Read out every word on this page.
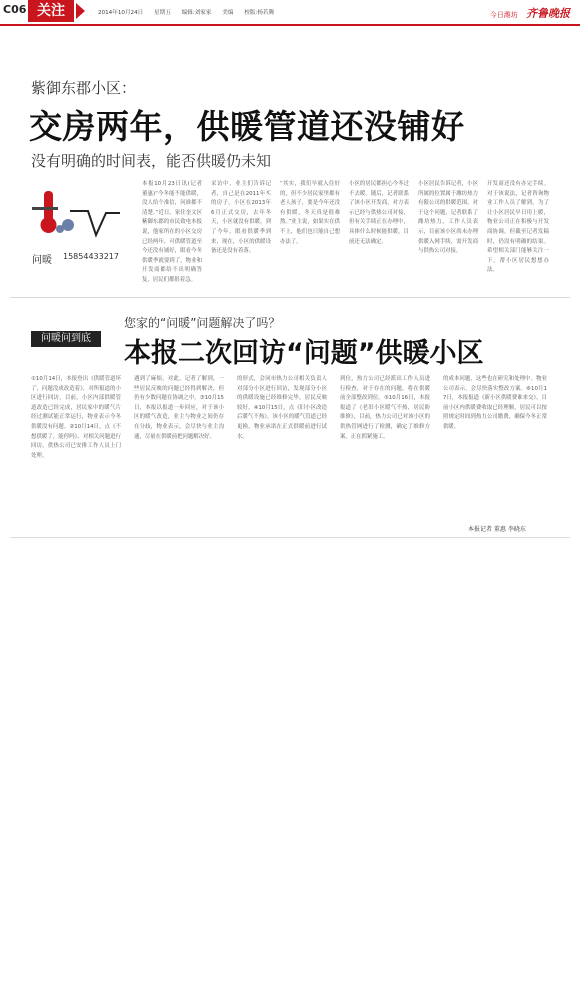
C06 关注	2014年10月24日 星期五 编辑:刘家家 美编 校版:杨若腾	今日潍坊 齐鲁晚报
紫御东郡小区：
交房两年，供暖管道还没铺好
没有明确的时间表，能否供暖仍未知
问暖 15854433217
本报10月23日讯(记者 董惠)“今冬能不能供暖，没人给个准信，问谁都不清楚。”近日，家住奎文区紫御东郡的市民致电本报说，他家所在的小区交房已经两年，可供暖管道至今还没有铺好，眼看今冬供暖季就要到了，物业和开发商都给不出明确答复，居民们都很着急。
采访中，业主们告诉记者，自己是在2011年买的房子。小区在2013年6月正式交房，去年冬天，小区就没有供暖，到了今年，眼看供暖季到来，现在，小区的供暖设备还是没有着落。
“其实，我们早就入住好的，但不少居民家里都有老人孩子，要是今年还没有供暖，冬天真是很难熬。”业主说，如果实在供不上，他们也只能自己想办法了。
小区的居民都担心今冬过不去暖。随后，记者联系了该小区开发商，对方表示已经与供热公司对接，但有关手续正在办理中，具体什么时候能供暖，目前还无法确定。
小区居民告诉记者，小区所属的位置属于潍坊热力有限公司的供暖范围，对于这个问题，记者联系了潍坊热力，工作人员表示，目前该小区尚未办理供暖入网手续，需开发商与供热公司对接。
开发商还没有办完手续。对于该说法，记者咨询物业工作人员了解到，为了让小区居民早日用上暖，物业公司正在积极与开发商协调。但截至记者发稿时，仍没有明确的结果。希望相关部门能够关注一下，帮小区居民想想办法。
您家的“问暖”问题解决了吗？
问暖问到底	本报二次回访“问题”供暖小区
①10月14日，本报登出《供暖管道坏了，问题没成改造着》，对所报道的小区进行回访，目前，小区内部供暖管道改造已经完成，居民家中的暖气片经过测试能正常运行，物业表示今冬供暖没有问题。②10月14日，点《不想供暖了，能停吗》，对相关问题进行回访，供热公司已安排工作人员上门处理。
遇到了麻烦。对此，记者了解到，一些居民反映的问题已经得到解决，但仍有少数问题在协调之中。③10月15日，本报以报道一步回应，对于该小区的暖气改造，业主与物业之间仍存在分歧，物业表示，会尽快与业主沟通，尽量在供暖前把问题解决好。
的形式，会同市热力公司相关负责人对部分小区进行回访，发现部分小区的供暖设施已经维修完毕，居民反映较好。④10月15日，点《旧小区改造后暖气不热》，该小区的暖气管道已经更换，物业承诺在正式供暖前进行试水。
到位，热力公司已经派出工作人员进行检查，对于存在的问题，将在供暖前全部整改到位。⑤10月16日，本报报道了《老旧小区暖气不热，居民盼维修》，目前，热力公司已对该小区的供热管网进行了检测，确定了维修方案，正在抓紧施工。
的成本问题，这些也在研究和处理中。物业公司表示，会尽快落实整改方案。⑥10月17日，本报报道《新小区供暖费谁来交》，目前小区内供暖费收取已经理顺，居民可以按照规定时间到热力公司缴费，确保今冬正常供暖。
本报记者 董惠 李晓东
